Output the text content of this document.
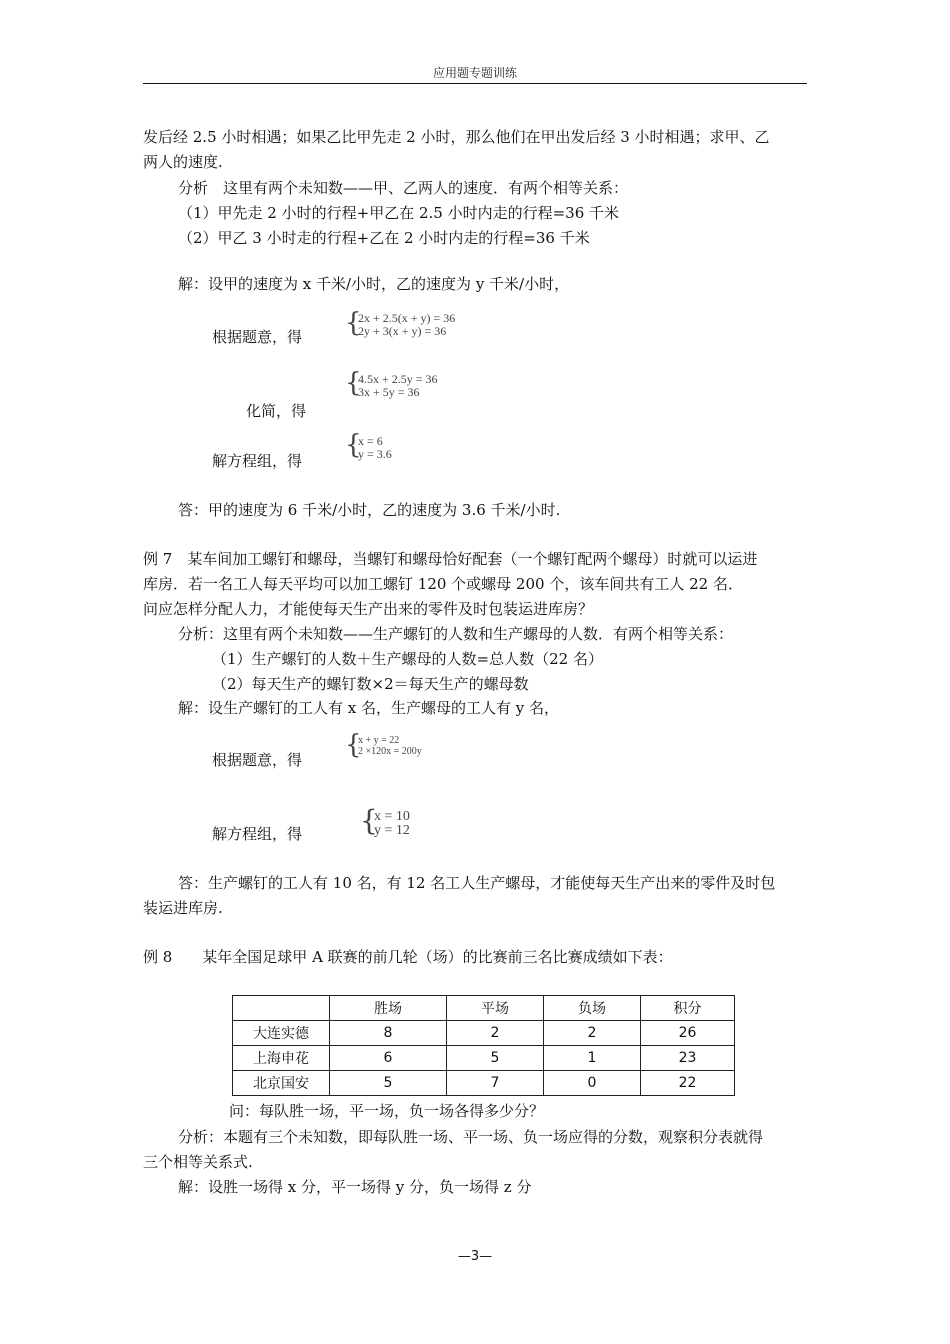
应用题专题训练
发后经 2.5 小时相遇；如果乙比甲先走 2 小时，那么他们在甲出发后经 3 小时相遇；求甲、乙
两人的速度.
分析　这里有两个未知数——甲、乙两人的速度．有两个相等关系：
（1）甲先走 2 小时的行程+甲乙在 2.5 小时内走的行程=36 千米
（2）甲乙 3 小时走的行程+乙在 2 小时内走的行程=36 千米
解：设甲的速度为 x 千米/小时，乙的速度为 y 千米/小时，
根据题意，得 {
2x + 2.5(x + y) = 36
2y + 3(x + y) = 36
{
4.5x + 2.5y = 36
3x + 5y = 36
化简，得
{
x = 6
y = 3.6
解方程组，得
答：甲的速度为 6 千米/小时，乙的速度为 3.6 千米/小时.
例 7　某车间加工螺钉和螺母，当螺钉和螺母恰好配套（一个螺钉配两个螺母）时就可以运进
库房．若一名工人每天平均可以加工螺钉 120 个或螺母 200 个，该车间共有工人 22 名．
问应怎样分配人力，才能使每天生产出来的零件及时包装运进库房？
分析：这里有两个未知数——生产螺钉的人数和生产螺母的人数．有两个相等关系：
（1）生产螺钉的人数＋生产螺母的人数=总人数（22 名）
（2）每天生产的螺钉数×2＝每天生产的螺母数
解：设生产螺钉的工人有 x 名，生产螺母的工人有 y 名，
{
x + y = 22
2 ×120x = 200y
根据题意，得
{
x = 10
y = 12
解方程组，得
答：生产螺钉的工人有 10 名，有 12 名工人生产螺母，才能使每天生产出来的零件及时包
装运进库房.
例 8　　某年全国足球甲 A 联赛的前几轮（场）的比赛前三名比赛成绩如下表：
	胜场	平场	负场	积分
大连实德	8	2	2	26
上海申花	6	5	1	23
北京国安	5	7	0	22
问：每队胜一场，平一场，负一场各得多少分？
分析：本题有三个未知数，即每队胜一场、平一场、负一场应得的分数，观察积分表就得
三个相等关系式.
解：设胜一场得 x 分，平一场得 y 分，负一场得 z 分
—3—
